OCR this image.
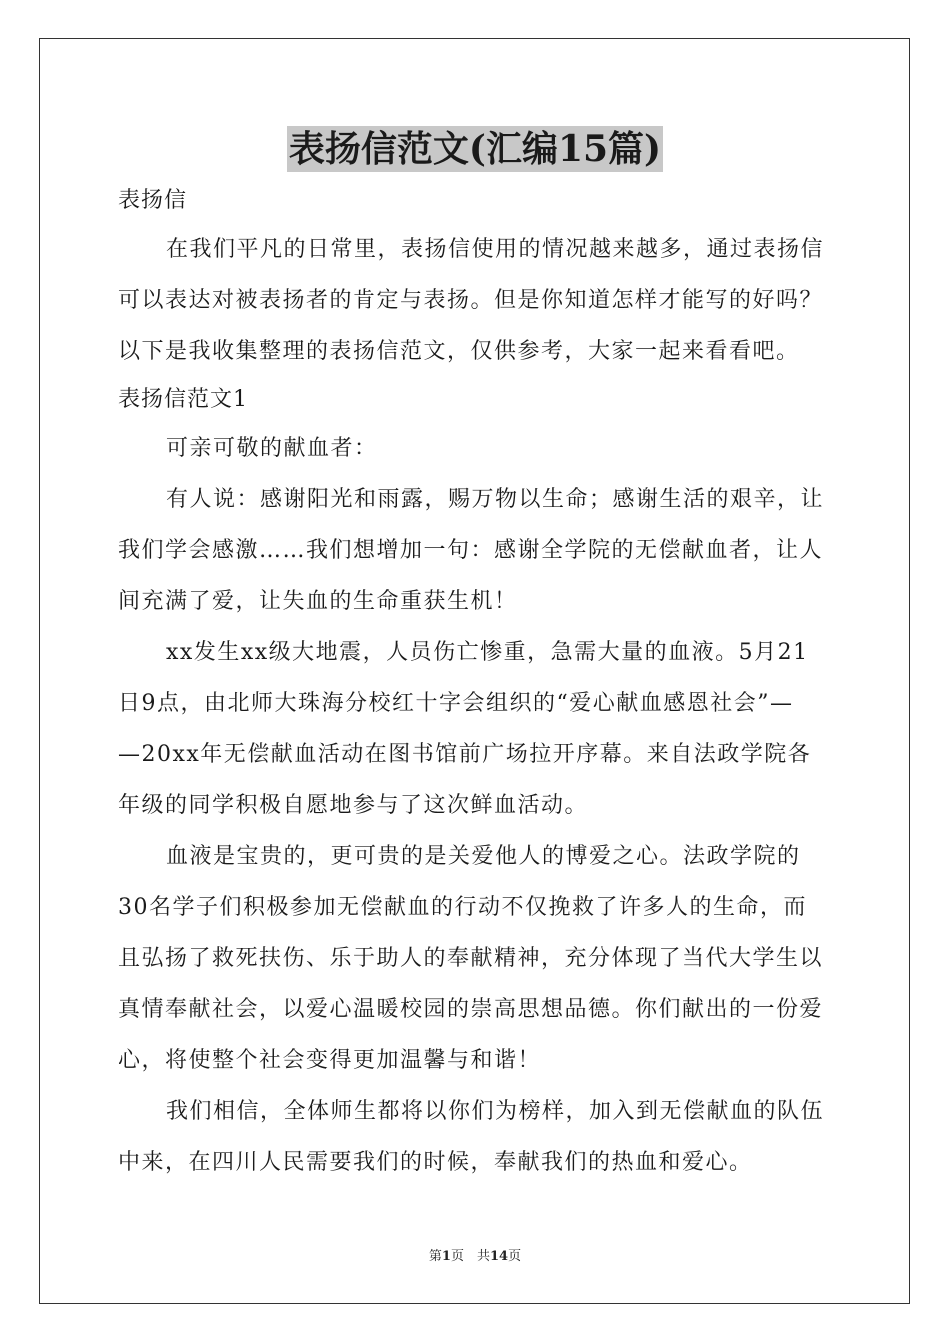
表扬信范文(汇编15篇)
表扬信
在我们平凡的日常里，表扬信使用的情况越来越多，通过表扬信
可以表达对被表扬者的肯定与表扬。但是你知道怎样才能写的好吗？
以下是我收集整理的表扬信范文，仅供参考，大家一起来看看吧。
表扬信范文1
可亲可敬的献血者：
有人说：感谢阳光和雨露，赐万物以生命；感谢生活的艰辛，让
我们学会感激……我们想增加一句：感谢全学院的无偿献血者，让人
间充满了爱，让失血的生命重获生机！
xx发生xx级大地震，人员伤亡惨重，急需大量的血液。5月21
日9点，由北师大珠海分校红十字会组织的“爱心献血感恩社会”—
—20xx年无偿献血活动在图书馆前广场拉开序幕。来自法政学院各
年级的同学积极自愿地参与了这次鲜血活动。
血液是宝贵的，更可贵的是关爱他人的博爱之心。法政学院的
30名学子们积极参加无偿献血的行动不仅挽救了许多人的生命，而
且弘扬了救死扶伤、乐于助人的奉献精神，充分体现了当代大学生以
真情奉献社会，以爱心温暖校园的崇高思想品德。你们献出的一份爱
心，将使整个社会变得更加温馨与和谐！
我们相信，全体师生都将以你们为榜样，加入到无偿献血的队伍
中来，在四川人民需要我们的时候，奉献我们的热血和爱心。
第1页　共14页
